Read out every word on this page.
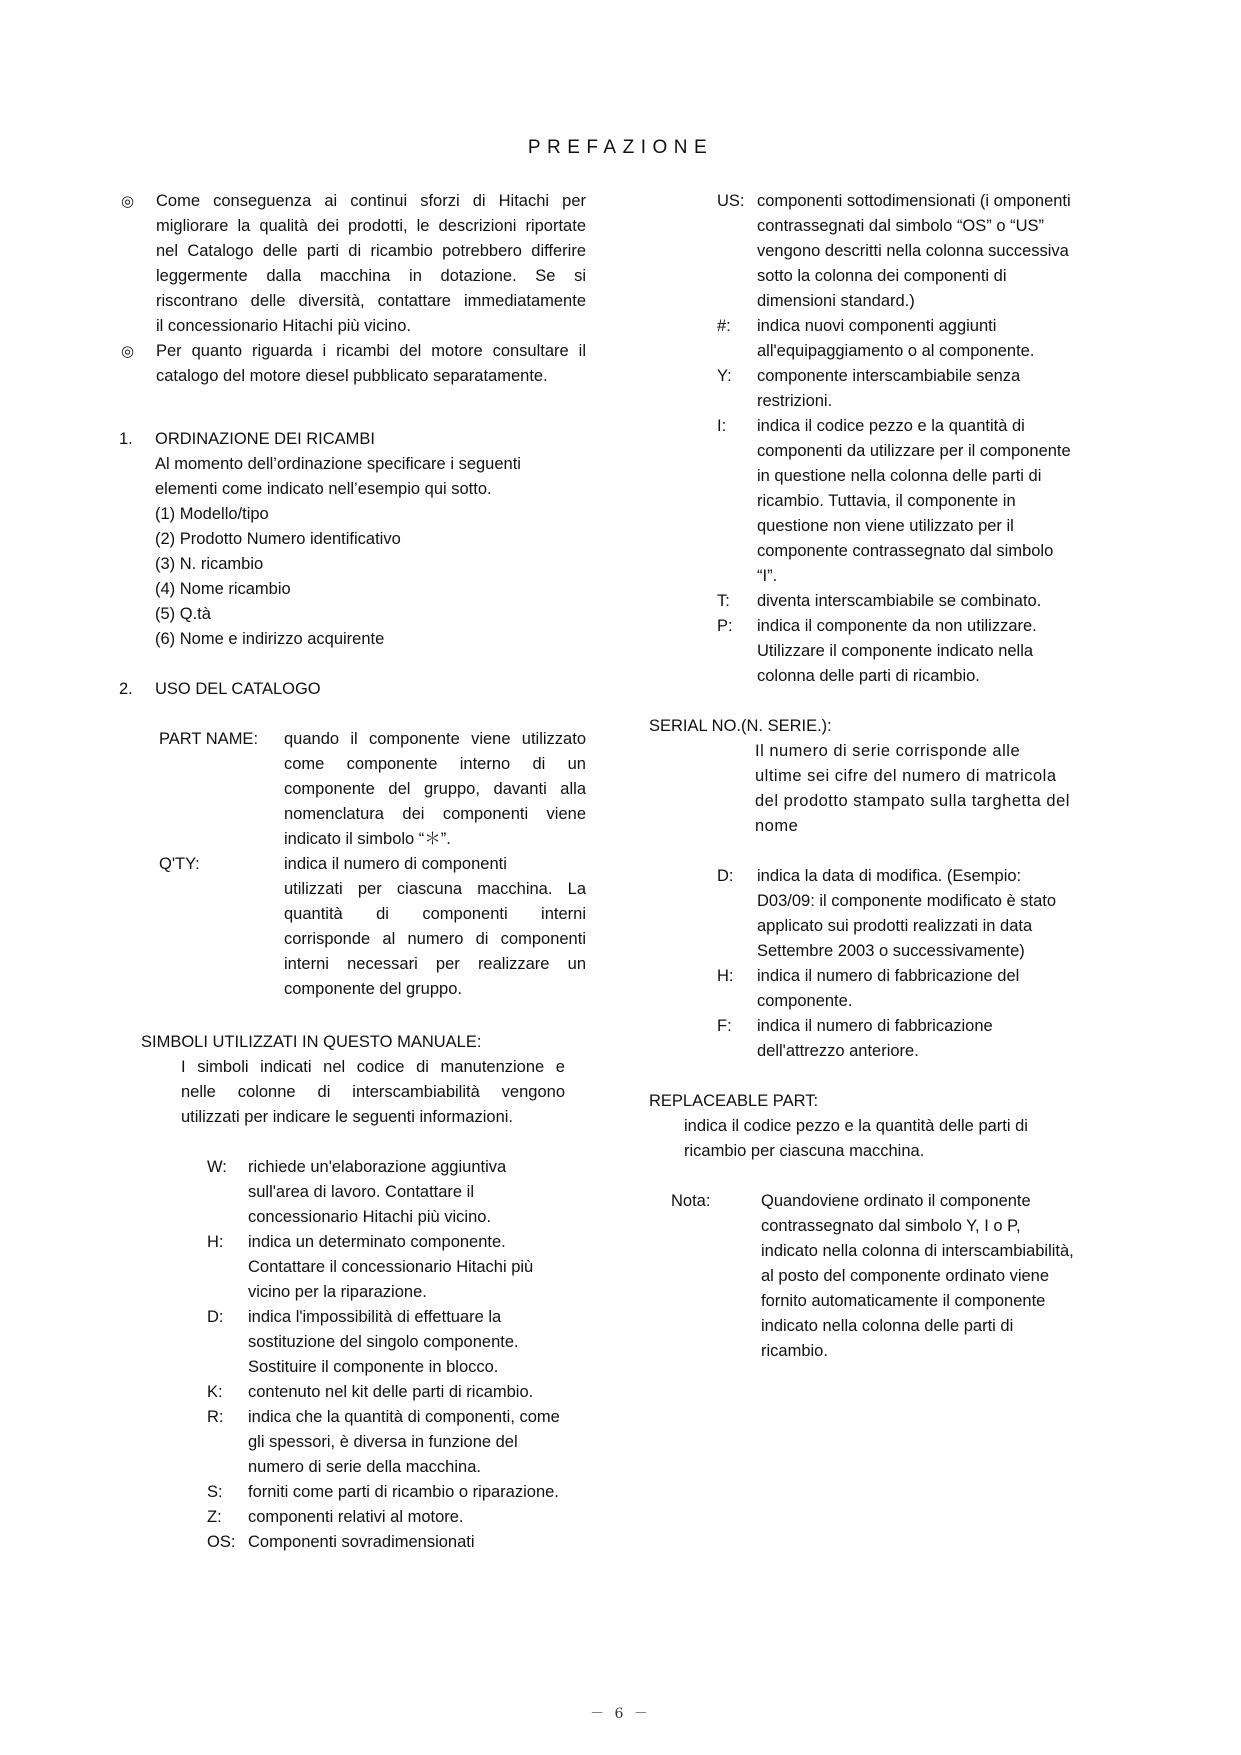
PREFAZIONE
◎ Come conseguenza ai continui sforzi di Hitachi per
migliorare la qualità dei prodotti, le descrizioni riportate
nel Catalogo delle parti di ricambio potrebbero differire
leggermente dalla macchina in dotazione. Se si
riscontrano delle diversità, contattare immediatamente
il concessionario Hitachi più vicino.
◎ Per quanto riguarda i ricambi del motore consultare il
catalogo del motore diesel pubblicato separatamente.
1. ORDINAZIONE DEI RICAMBI
Al momento dell’ordinazione specificare i seguenti
elementi come indicato nell’esempio qui sotto.
(1) Modello/tipo
(2) Prodotto Numero identificativo
(3) N. ricambio
(4) Nome ricambio
(5) Q.tà
(6) Nome e indirizzo acquirente
2. USO DEL CATALOGO
PART NAME: quando il componente viene utilizzato
come componente interno di un
componente del gruppo, davanti alla
nomenclatura dei componenti viene
indicato il simbolo “＊”.
Q'TY:	indica il numero di componenti
utilizzati per ciascuna macchina. La
quantità di componenti interni
corrisponde al numero di componenti
interni necessari per realizzare un
componente del gruppo.
SIMBOLI UTILIZZATI IN QUESTO MANUALE:
I simboli indicati nel codice di manutenzione e
nelle colonne di interscambiabilità vengono
utilizzati per indicare le seguenti informazioni.
W:
H:
D:
K:
R:
S:
Z:
OS:
richiede un'elaborazione aggiuntiva
sull'area di lavoro. Contattare il
concessionario Hitachi più vicino.
indica un determinato componente.
Contattare il concessionario Hitachi più
vicino per la riparazione.
indica l'impossibilità di effettuare la
sostituzione del singolo componente.
Sostituire il componente in blocco.
contenuto nel kit delle parti di ricambio.
indica che la quantità di componenti, come
gli spessori, è diversa in funzione del
numero di serie della macchina.
forniti come parti di ricambio o riparazione.
componenti relativi al motore.
Componenti sovradimensionati
US:
#:
Y:
I:
T:
P:
componenti sottodimensionati (i omponenti
contrassegnati dal simbolo “OS” o “US”
vengono descritti nella colonna successiva
sotto la colonna dei componenti di
dimensioni standard.)
indica nuovi componenti aggiunti
all'equipaggiamento o al componente.
componente interscambiabile senza
restrizioni.
indica il codice pezzo e la quantità di
componenti da utilizzare per il componente
in questione nella colonna delle parti di
ricambio. Tuttavia, il componente in
questione non viene utilizzato per il
componente contrassegnato dal simbolo
“I”.
diventa interscambiabile se combinato.
indica il componente da non utilizzare.
Utilizzare il componente indicato nella
colonna delle parti di ricambio.
SERIAL NO.(N. SERIE.):
Il numero di serie corrisponde alle
ultime sei cifre del numero di matricola
del prodotto stampato sulla targhetta del
nome
D:
H:
F:
indica la data di modifica. (Esempio:
D03/09: il componente modificato è stato
applicato sui prodotti realizzati in data
Settembre 2003 o successivamente)
indica il numero di fabbricazione del
componente.
indica il numero di fabbricazione
dell'attrezzo anteriore.
REPLACEABLE PART:
indica il codice pezzo e la quantità delle parti di
ricambio per ciascuna macchina.
Nota:	Quandoviene ordinato il componente
contrassegnato dal simbolo Y, I o P,
indicato nella colonna di interscambiabilità,
al posto del componente ordinato viene
fornito automaticamente il componente
indicato nella colonna delle parti di
ricambio.
－ 6 －
